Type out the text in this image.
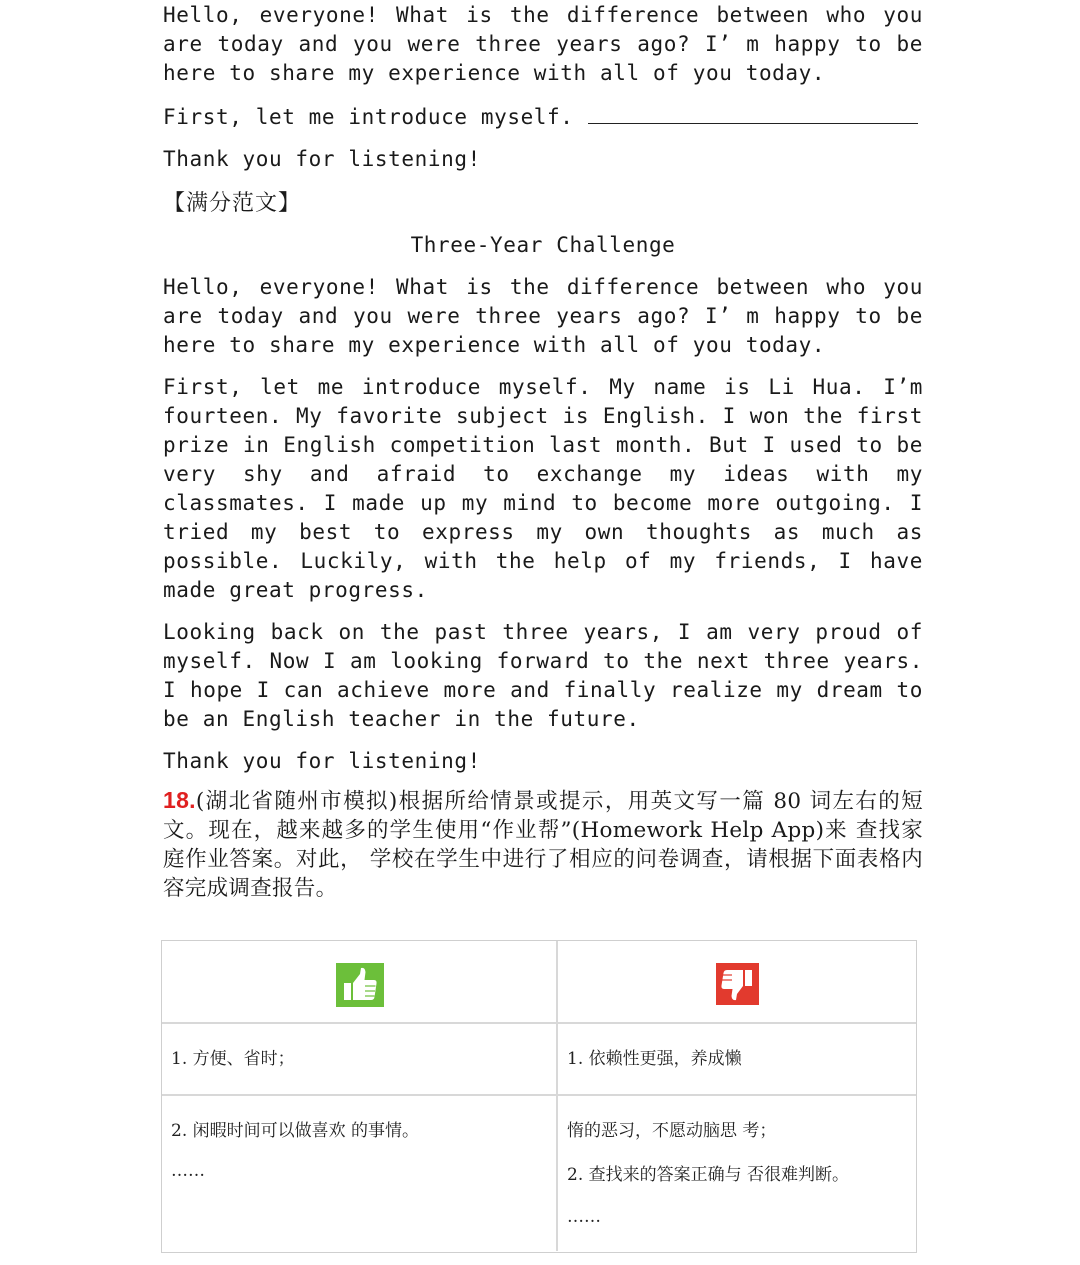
Hello, everyone! What is the difference between who you are today and you were three years ago? I’ m happy to be here to share my experience with all of you today.

First, let me introduce myself.

Thank you for listening!

【满分范文】
Three-Year Challenge

Hello, everyone! What is the difference between who you are today and you were three years ago? I’ m happy to be here to share my experience with all of you today.

First, let me introduce myself. My name is Li Hua. I’m fourteen. My favorite subject is English. I won the first prize in English competition last month. But I used to be very shy and afraid to exchange my ideas with my classmates. I made up my mind to become more outgoing. I tried my best to express my own thoughts as much as possible. Luckily, with the help of my friends, I have made great progress.

Looking back on the past three years, I am very proud of myself. Now I am looking forward to the next three years. I hope I can achieve more and finally realize my dream to be an English teacher in the future.

Thank you for listening!

18.(湖北省随州市模拟)根据所给情景或提示，用英文写一篇 80 词左右的短文。现在，越来越多的学生使用“作业帮”(Homework Help App)来 查找家庭作业答案。对此， 学校在学生中进行了相应的问卷调查，请根据下面表格内容完成调查报告。
1. 方便、省时；	1. 依赖性更强，养成懒
2. 闲暇时间可以做喜欢 的事情。
……
惰的恶习，不愿动脑思 考；
2. 查找来的答案正确与 否很难判断。
……
